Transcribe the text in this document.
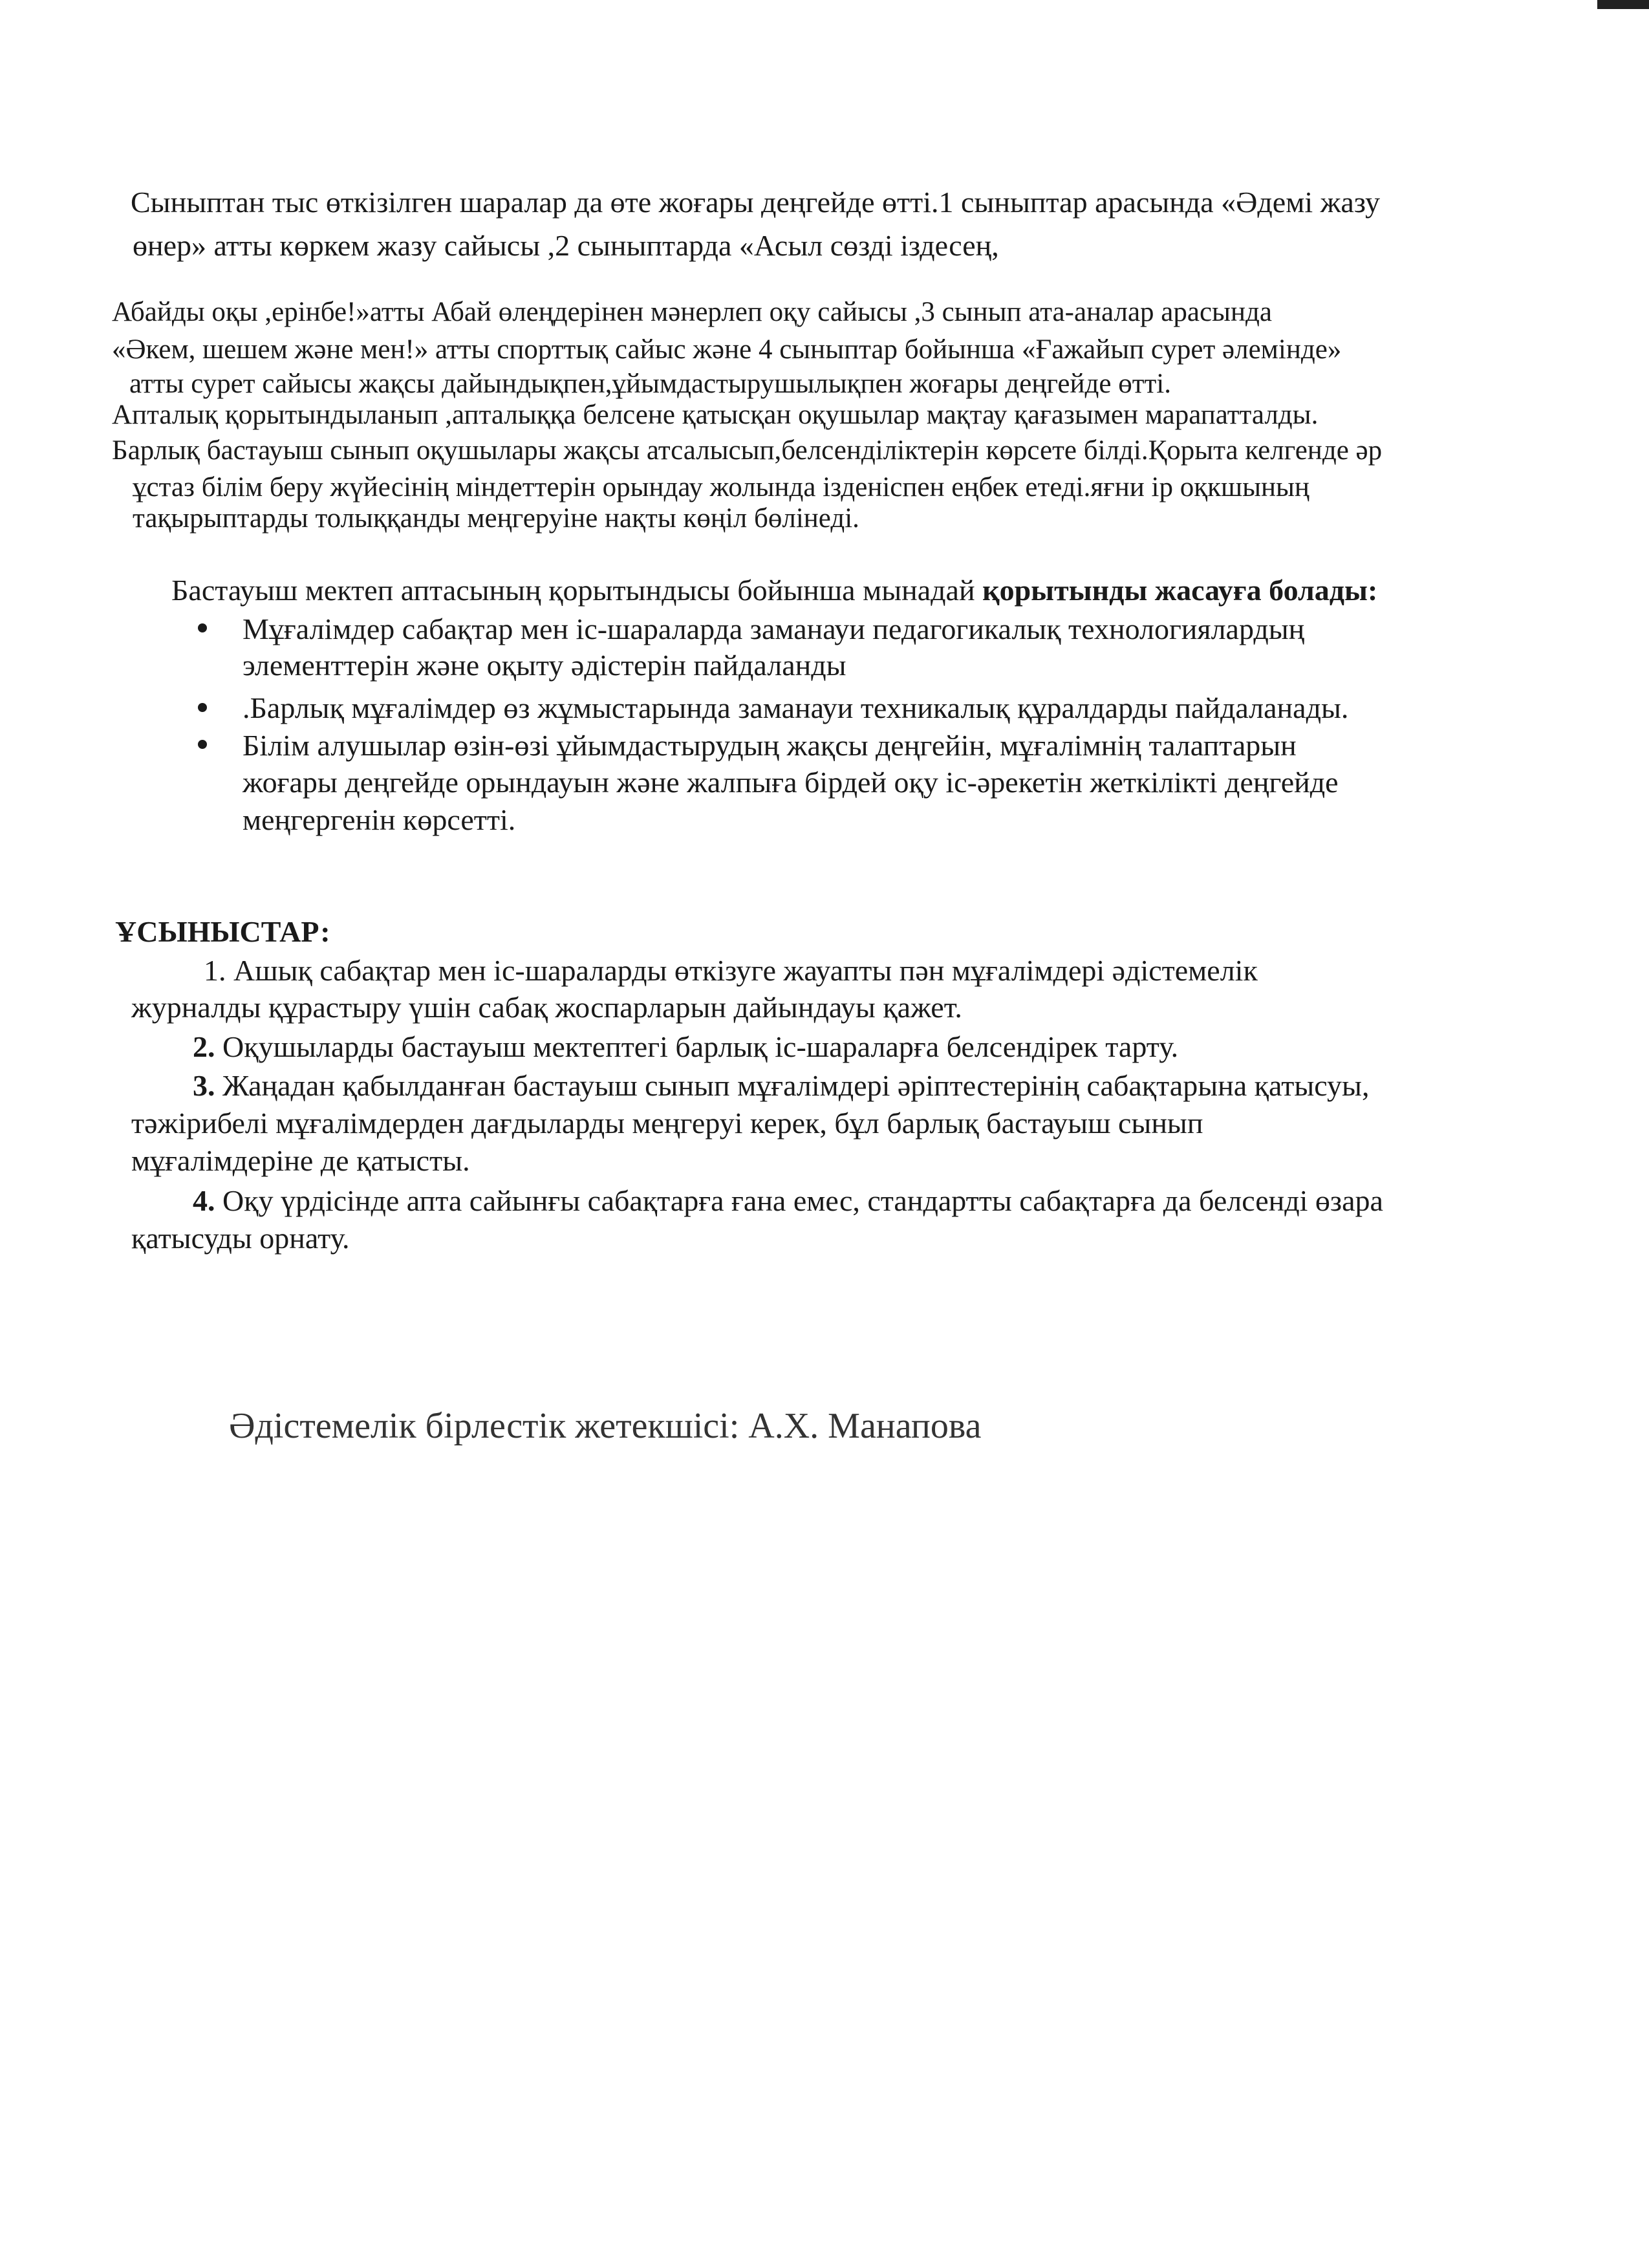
Сыныптан тыс өткізілген шаралар да өте жоғары деңгейде өтті.1 сыныптар арасында «Әдемі жазу
өнер» атты көркем жазу сайысы ,2 сыныптарда «Асыл сөзді іздесең,
Абайды оқы ,ерінбе!»атты Абай өлеңдерінен мәнерлеп оқу сайысы ,3 сынып ата-аналар арасында
«Әкем, шешем және мен!» атты спорттық сайыс және 4 сыныптар бойынша «Ғажайып сурет әлемінде»
атты сурет сайысы жақсы дайындықпен,ұйымдастырушылықпен жоғары деңгейде өтті.
Апталық қорытындыланып ,апталыққа белсене қатысқан оқушылар мақтау қағазымен марапатталды.
Барлық бастауыш сынып оқушылары жақсы атсалысып,белсенділіктерін көрсете білді.Қорыта келгенде әр
ұстаз білім беру жүйесінің міндеттерін орындау жолында ізденіспен еңбек етеді.яғни ір оқкшының
тақырыптарды толыққанды меңгеруіне нақты көңіл бөлінеді.
Бастауыш мектеп аптасының қорытындысы бойынша мынадай қорытынды жасауға болады:
Мұғалімдер сабақтар мен іс-шараларда заманауи педагогикалық технологиялардың
элементтерін және оқыту әдістерін пайдаланды
.Барлық мұғалімдер өз жұмыстарында заманауи техникалық құралдарды пайдаланады.
Білім алушылар өзін-өзі ұйымдастырудың жақсы деңгейін, мұғалімнің талаптарын
жоғары деңгейде орындауын және жалпыға бірдей оқу іс-әрекетін жеткілікті деңгейде
меңгергенін көрсетті.
ҰСЫНЫСТАР:
1. Ашық сабақтар мен іс-шараларды өткізуге жауапты пән мұғалімдері әдістемелік
журналды құрастыру үшін сабақ жоспарларын дайындауы қажет.
2. Оқушыларды бастауыш мектептегі барлық іс-шараларға белсендірек тарту.
3. Жаңадан қабылданған бастауыш сынып мұғалімдері әріптестерінің сабақтарына қатысуы,
тәжірибелі мұғалімдерден дағдыларды меңгеруі керек, бұл барлық бастауыш сынып
мұғалімдеріне де қатысты.
4. Оқу үрдісінде апта сайынғы сабақтарға ғана емес, стандартты сабақтарға да белсенді өзара
қатысуды орнату.
Әдістемелік бірлестік жетекшісі: А.Х. Манапова
